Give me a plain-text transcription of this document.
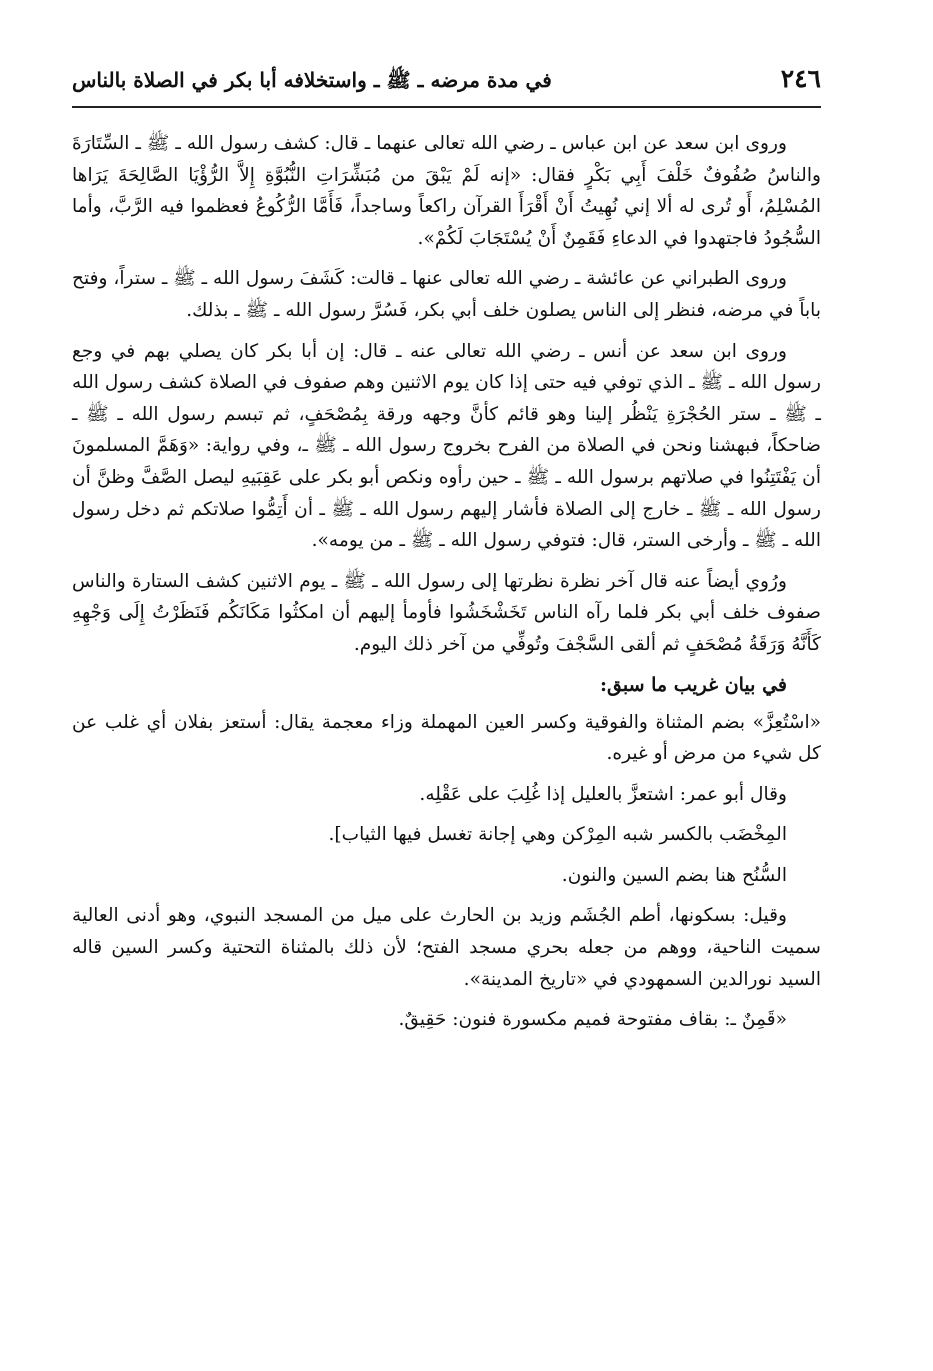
٢٤٦
في مدة مرضه ـ ﷺ ـ واستخلافه أبا بكر في الصلاة بالناس

وروى ابن سعد عن ابن عباس ـ رضي الله تعالى عنهما ـ قال: كشف رسول الله ـ ﷺ ـ السِّتَارَةَ والناسُ صُفُوفٌ خَلْفَ أَبِي بَكْرٍ فقال: «إنه لَمْ يَبْقَ من مُبَشِّرَاتِ النُّبُوَّةِ إِلاَّ الرُّؤْيَا الصَّالِحَةَ يَرَاها المُسْلِمُ، أَو تُرى له ألا إني نُهِيتُ أَنْ أَقْرَأَ القرآن راكعاً وساجداً، فَأَمَّا الرُّكُوعُ فعظموا فيه الرَّبَّ، وأما السُّجُودُ فاجتهدوا في الدعاءِ فَقَمِنٌ أَنْ يُسْتَجَابَ لَكُمْ».

وروى الطبراني عن عائشة ـ رضي الله تعالى عنها ـ قالت: كَشَفَ رسول الله ـ ﷺ ـ ستراً، وفتح باباً في مرضه، فنظر إلى الناس يصلون خلف أبي بكر، فَسُرَّ رسول الله ـ ﷺ ـ بذلك.

وروى ابن سعد عن أنس ـ رضي الله تعالى عنه ـ قال: إن أبا بكر كان يصلي بهم في وجع رسول الله ـ ﷺ ـ الذي توفي فيه حتى إذا كان يوم الاثنين وهم صفوف في الصلاة كشف رسول الله ـ ﷺ ـ ستر الحُجْرَةِ يَنْظُر إلينا وهو قائم كأنَّ وجهه ورقة بِمُصْحَفٍ، ثم تبسم رسول الله ـ ﷺ ـ ضاحكاً، فبهشنا ونحن في الصلاة من الفرح بخروج رسول الله ـ ﷺ ـ، وفي رواية: «وَهَمَّ المسلمونَ أن يَفْتَتِنُوا في صلاتهم برسول الله ـ ﷺ ـ حين رأوه ونكص أبو بكر على عَقِبَيهِ ليصل الصَّفَّ وظنَّ أن رسول الله ـ ﷺ ـ خارج إلى الصلاة فأشار إليهم رسول الله ـ ﷺ ـ أن أَتِمُّوا صلاتكم ثم دخل رسول الله ـ ﷺ ـ وأرخى الستر، قال: فتوفي رسول الله ـ ﷺ ـ من يومه».

ورُوي أيضاً عنه قال آخر نظرة نظرتها إلى رسول الله ـ ﷺ ـ يوم الاثنين كشف الستارة والناس صفوف خلف أبي بكر فلما رآه الناس تَخَشْخَشُوا فأومأ إليهم أن امكثُوا مَكَانَكُم فَنَظَرْتُ إِلَى وَجْهِهِ كَأَنَّهُ وَرَقَةُ مُصْحَفٍ ثم ألقى السَّجْفَ وتُوفِّي من آخر ذلك اليوم.

في بيان غريب ما سبق:

«اسْتُعِزَّ» بضم المثناة والفوقية وكسر العين المهملة وزاء معجمة يقال: أستعز بفلان أي غلب عن كل شيء من مرض أو غيره.

وقال أبو عمر: اشتعزَّ بالعليل إذا غُلِبَ على عَقْلِه.

المِخْضَب بالكسر شبه المِرْكن وهي إجانة تغسل فيها الثياب].

السُّنُح هنا بضم السين والنون.

وقيل: بسكونها، أطم الجُشَم وزيد بن الحارث على ميل من المسجد النبوي، وهو أدنى العالية سميت الناحية، ووهم من جعله بحري مسجد الفتح؛ لأن ذلك بالمثناة التحتية وكسر السين قاله السيد نورالدين السمهودي في «تاريخ المدينة».

«قَمِنٌ ـ: بقاف مفتوحة فميم مكسورة فنون: حَقِيقٌ.
